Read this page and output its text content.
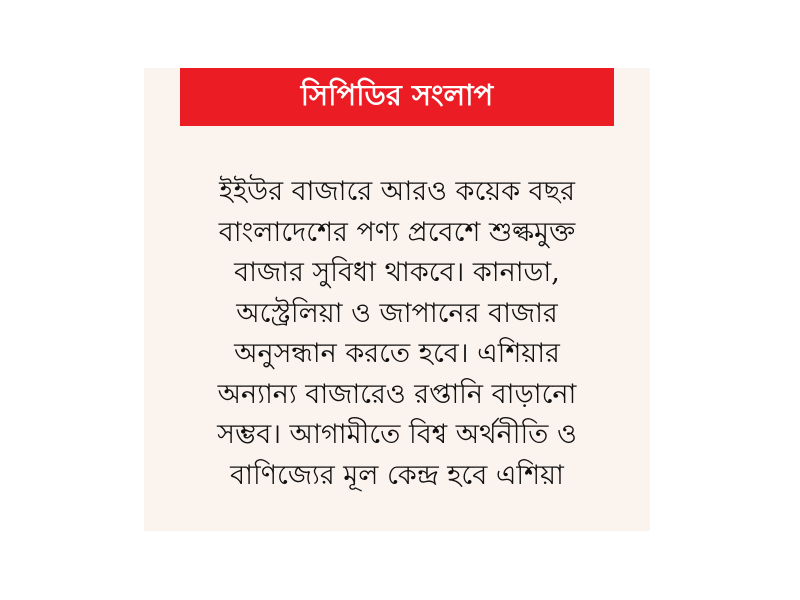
সিপিডির সংলাপ
ইইউর বাজারে আরও কয়েক বছর
বাংলাদেশের পণ্য প্রবেশে শুল্কমুক্ত
বাজার সুবিধা থাকবে। কানাডা,
অস্ট্রেলিয়া ও জাপানের বাজার
অনুসন্ধান করতে হবে। এশিয়ার
অন্যান্য বাজারেও রপ্তানি বাড়ানো
সম্ভব। আগামীতে বিশ্ব অর্থনীতি ও
বাণিজ্যের মূল কেন্দ্র হবে এশিয়া
